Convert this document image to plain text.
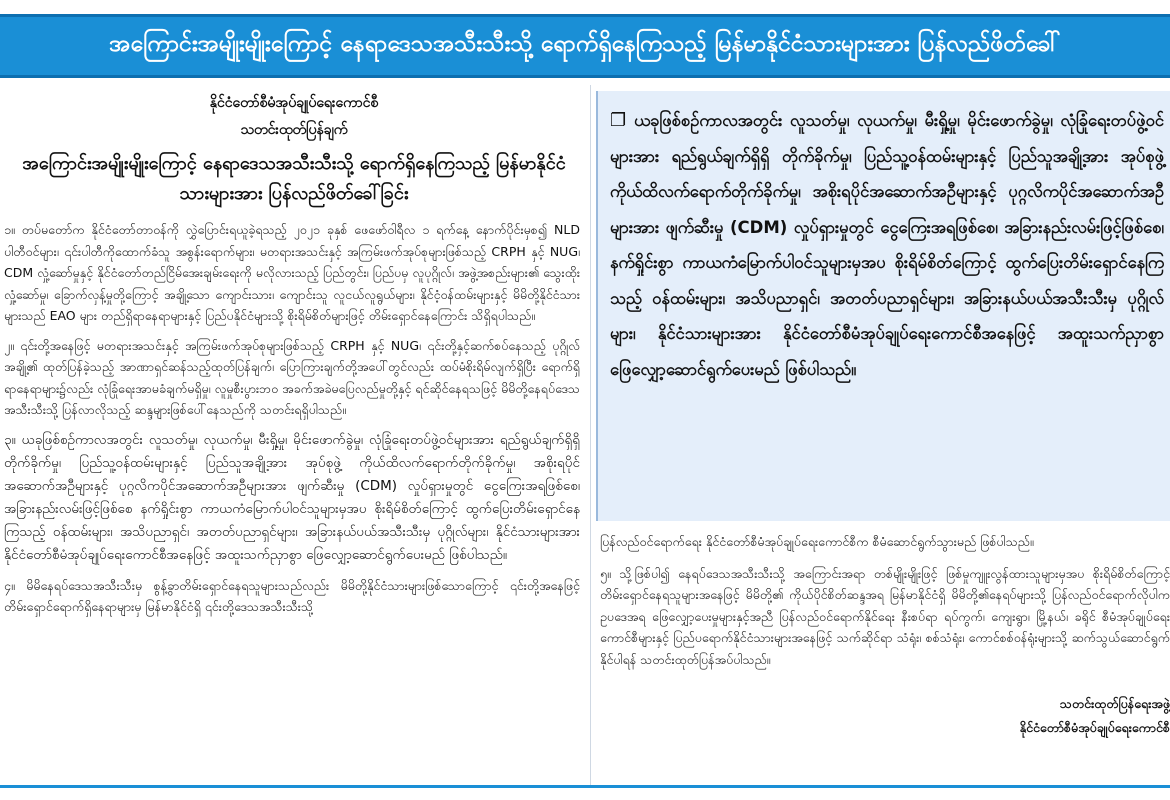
အကြောင်းအမျိုးမျိုးကြောင့် နေရာဒေသအသီးသီးသို့ ရောက်ရှိနေကြသည့် မြန်မာနိုင်ငံသားများအား ပြန်လည်ဖိတ်ခေါ်
နိုင်ငံတော်စီမံအုပ်ချုပ်ရေးကောင်စီ
သတင်းထုတ်ပြန်ချက်
အကြောင်းအမျိုးမျိုးကြောင့် နေရာဒေသအသီးသီးသို့ ရောက်ရှိနေကြသည့် မြန်မာနိုင်ငံသားများအား ပြန်လည်ဖိတ်ခေါ်ခြင်း

၁။ တပ်မတော်က နိုင်ငံတော်တာဝန်ကို လွှဲပြောင်းရယူခဲ့ရသည့် ၂၀၂၁ ခုနှစ် ဖေဖော်ဝါရီလ ၁ ရက်နေ့ နောက်ပိုင်းမှစ၍ NLD ပါတီဝင်များ၊ ၎င်းပါတီကိုထောက်ခံသူ အစွန်းရောက်များ၊ မတရားအသင်းနှင့် အကြမ်းဖက်အုပ်စုများဖြစ်သည့် CRPH နှင့် NUG၊ CDM လှုံ့ဆော်မှုနှင့် နိုင်ငံတော်တည်ငြိမ်အေးချမ်းရေးကို မလိုလားသည့် ပြည်တွင်း၊ ပြည်ပမှ လူပုဂ္ဂိုလ်၊ အဖွဲ့အစည်းများ၏ သွေးထိုးလှုံ့ဆော်မှု၊ ခြောက်လှန့်မှုတို့ကြောင့် အချို့သော ကျောင်းသား၊ ကျောင်းသူ လူငယ်လူရွယ်များ၊ နိုင်ငံ့ဝန်ထမ်းများနှင့် မိမိတို့နိုင်ငံသားများသည် EAO များ တည်ရှိရာနေရာများနှင့် ပြည်ပနိုင်ငံများသို့ စိုးရိမ်စိတ်များဖြင့် တိမ်းရှောင်နေကြောင်း သိရှိရပါသည်။

၂။ ၎င်းတို့အနေဖြင့် မတရားအသင်းနှင့် အကြမ်းဖက်အုပ်စုများဖြစ်သည့် CRPH နှင့် NUG၊ ၎င်းတို့နှင့်ဆက်စပ်နေသည့် ပုဂ္ဂိုလ်အချို့၏ ထုတ်ပြန်ခဲ့သည့် အာဏာရှင်ဆန်သည့်ထုတ်ပြန်ချက်၊ ပြောကြားချက်တို့အပေါ်တွင်လည်း ထပ်မံစိုးရိမ်လျက်ရှိပြီး ရောက်ရှိရာနေရာများ၌လည်း လုံခြုံရေးအာမခံချက်မရှိမှု၊ လူမှုစီးပွားဘဝ အခက်အခဲမပြေလည်မှုတို့နှင့် ရင်ဆိုင်နေရသဖြင့် မိမိတို့နေရပ်ဒေသအသီးသီးသို့ ပြန်လာလိုသည့် ဆန္ဒများဖြစ်ပေါ်နေသည်ကို သတင်းရရှိပါသည်။

၃။ ယခုဖြစ်စဉ်ကာလအတွင်း လူသတ်မှု၊ လုယက်မှု၊ မီးရှို့မှု၊ မိုင်းဖောက်ခွဲမှု၊ လုံခြုံရေးတပ်ဖွဲ့ဝင်များအား ရည်ရွယ်ချက်ရှိရှိ တိုက်ခိုက်မှု၊ ပြည်သူ့ဝန်ထမ်းများနှင့် ပြည်သူအချို့အား အုပ်စုဖွဲ့ ကိုယ်ထိလက်ရောက်တိုက်ခိုက်မှု၊ အစိုးရပိုင်အဆောက်အဦများနှင့် ပုဂ္ဂလိကပိုင်အဆောက်အဦများအား ဖျက်ဆီးမှု (CDM) လှုပ်ရှားမှုတွင် ငွေကြေးအရဖြစ်စေ၊ အခြားနည်းလမ်းဖြင့်ဖြစ်စေ နက်ရှိုင်းစွာ ကာယကံမြောက်ပါဝင်သူများမှအပ စိုးရိမ်စိတ်ကြောင့် ထွက်ပြေးတိမ်းရှောင်နေကြသည့် ဝန်ထမ်းများ၊ အသိပညာရှင်၊ အတတ်ပညာရှင်များ၊ အခြားနယ်ပယ်အသီးသီးမှ ပုဂ္ဂိုလ်များ၊ နိုင်ငံသားများအား နိုင်ငံတော်စီမံအုပ်ချုပ်ရေးကောင်စီအနေဖြင့် အထူးသက်ညှာစွာ ဖြေလျှော့ဆောင်ရွက်ပေးမည် ဖြစ်ပါသည်။

၄။ မိမိနေရပ်ဒေသအသီးသီးမှ စွန့်ခွာတိမ်းရှောင်နေရသူများသည်လည်း မိမိတို့နိုင်ငံသားများဖြစ်သောကြောင့် ၎င်းတို့အနေဖြင့် တိမ်းရှောင်ရောက်ရှိနေရာများမှ မြန်မာနိုင်ငံရှိ ၎င်းတို့ဒေသအသီးသီးသို့

❐ ယခုဖြစ်စဉ်ကာလအတွင်း လူသတ်မှု၊ လုယက်မှု၊ မီးရှို့မှု၊ မိုင်းဖောက်ခွဲမှု၊ လုံခြုံရေးတပ်ဖွဲ့ဝင်များအား ရည်ရွယ်ချက်ရှိရှိ တိုက်ခိုက်မှု၊ ပြည်သူ့ဝန်ထမ်းများနှင့် ပြည်သူအချို့အား အုပ်စုဖွဲ့ ကိုယ်ထိလက်ရောက်တိုက်ခိုက်မှု၊ အစိုးရပိုင်အဆောက်အဦများနှင့် ပုဂ္ဂလိကပိုင်အဆောက်အဦများအား ဖျက်ဆီးမှု (CDM) လှုပ်ရှားမှုတွင် ငွေကြေးအရဖြစ်စေ၊ အခြားနည်းလမ်းဖြင့်ဖြစ်စေ၊ နက်ရှိုင်းစွာ ကာယကံမြောက်ပါဝင်သူများမှအပ စိုးရိမ်စိတ်ကြောင့် ထွက်ပြေးတိမ်းရှောင်နေကြသည့် ဝန်ထမ်းများ၊ အသိပညာရှင်၊ အတတ်ပညာရှင်များ၊ အခြားနယ်ပယ်အသီးသီးမှ ပုဂ္ဂိုလ်များ၊ နိုင်ငံသားများအား နိုင်ငံတော်စီမံအုပ်ချုပ်ရေးကောင်စီအနေဖြင့် အထူးသက်ညှာစွာ ဖြေလျှော့ဆောင်ရွက်ပေးမည် ဖြစ်ပါသည်။

ပြန်လည်ဝင်ရောက်ရေး နိုင်ငံတော်စီမံအုပ်ချုပ်ရေးကောင်စီက စီမံဆောင်ရွက်သွားမည် ဖြစ်ပါသည်။

၅။ သို့ဖြစ်ပါ၍ နေရပ်ဒေသအသီးသီးသို့ အကြောင်းအရာ တစ်မျိုးမျိုးဖြင့် ဖြစ်မှုကျူးလွန်ထားသူများမှအပ စိုးရိမ်စိတ်ကြောင့် တိမ်းရှောင်နေရသူများအနေဖြင့် မိမိတို့၏ ကိုယ်ပိုင်စိတ်ဆန္ဒအရ မြန်မာနိုင်ငံရှိ မိမိတို့၏နေရပ်များသို့ ပြန်လည်ဝင်ရောက်လိုပါက ဥပဒေအရ ဖြေလျှော့ပေးမှုများနှင့်အညီ ပြန်လည်ဝင်ရောက်နိုင်ရေး နီးစပ်ရာ ရပ်ကွက်၊ ကျေးရွာ၊ မြို့နယ်၊ ခရိုင် စီမံအုပ်ချုပ်ရေးကောင်စီများနှင့် ပြည်ပရောက်နိုင်ငံသားများအနေဖြင့် သက်ဆိုင်ရာ သံရုံး၊ စစ်သံရုံး၊ ကောင်စစ်ဝန်ရုံးများသို့ ဆက်သွယ်ဆောင်ရွက်နိုင်ပါရန် သတင်းထုတ်ပြန်အပ်ပါသည်။

သတင်းထုတ်ပြန်ရေးအဖွဲ့
နိုင်ငံတော်စီမံအုပ်ချုပ်ရေးကောင်စီ
